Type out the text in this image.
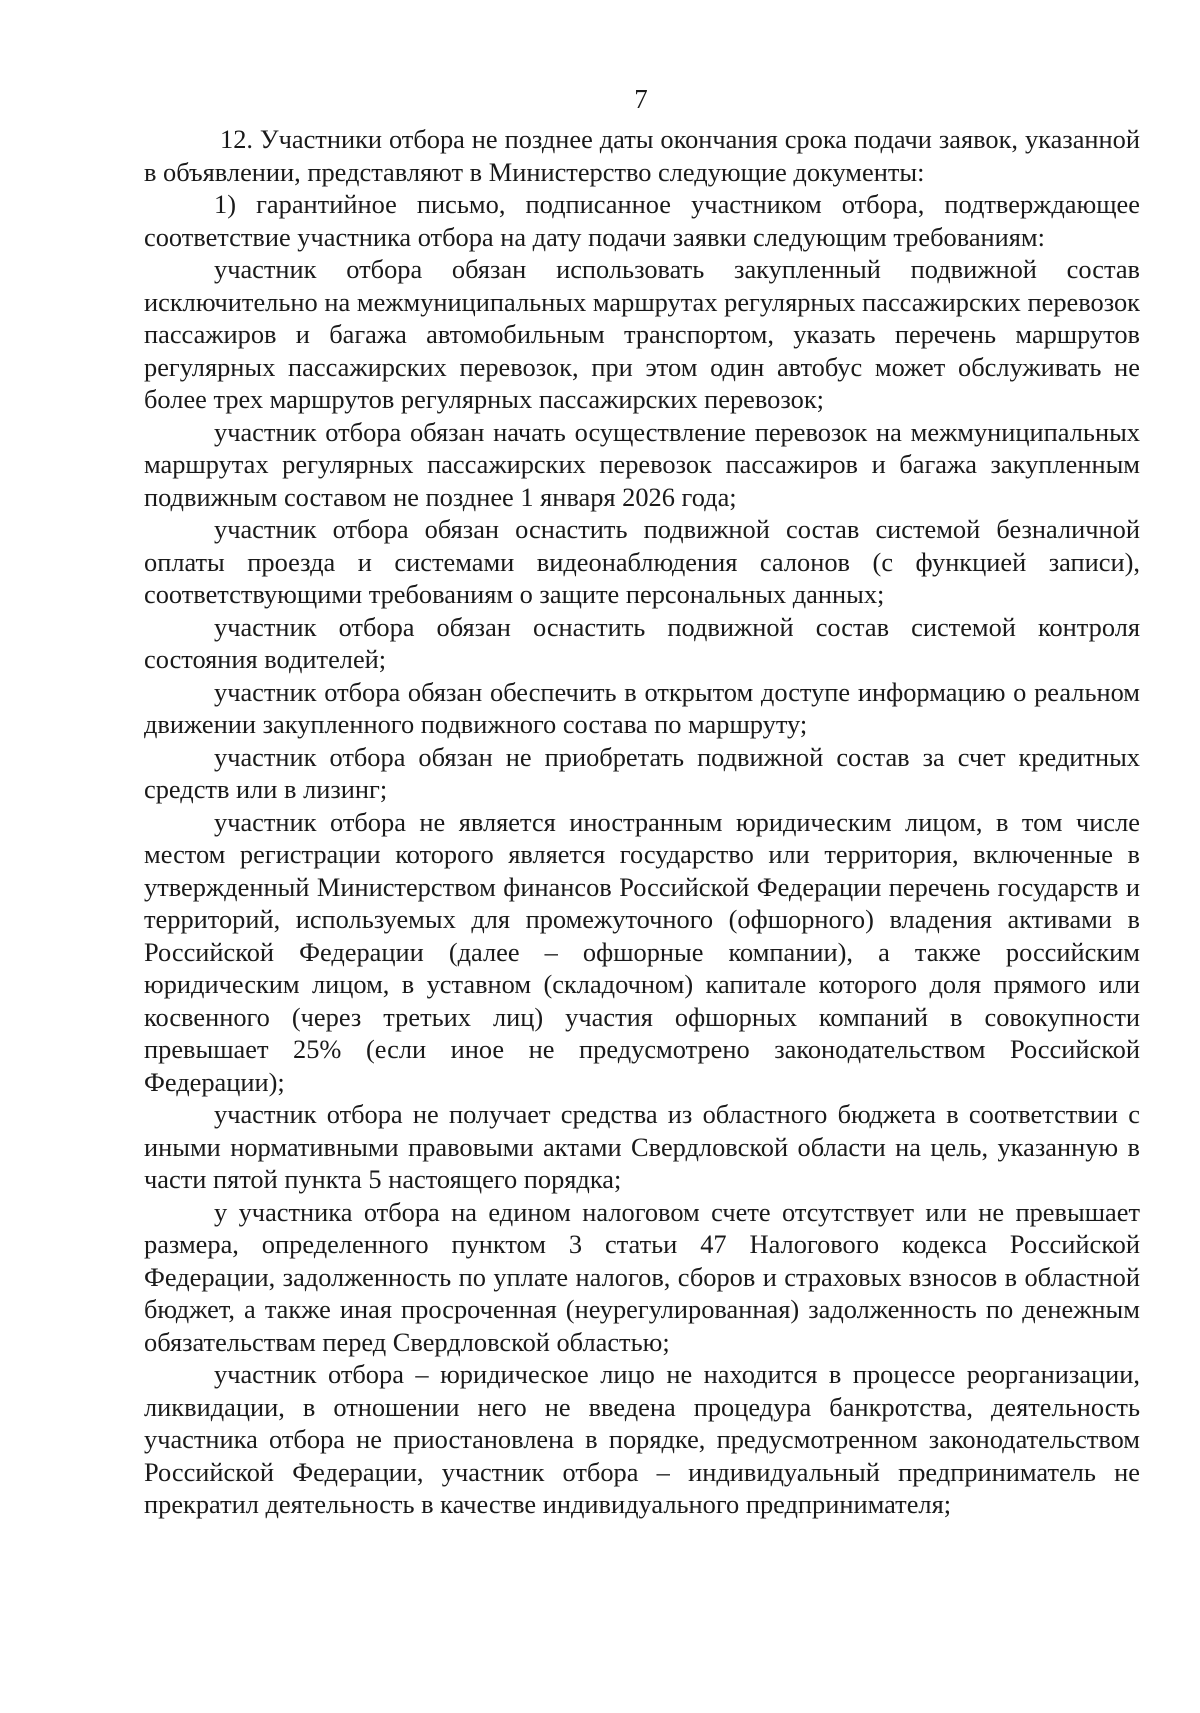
7

12. Участники отбора не позднее даты окончания срока подачи заявок, указанной в объявлении, представляют в Министерство следующие документы:

1) гарантийное письмо, подписанное участником отбора, подтверждающее соответствие участника отбора на дату подачи заявки следующим требованиям:

участник отбора обязан использовать закупленный подвижной состав исключительно на межмуниципальных маршрутах регулярных пассажирских перевозок пассажиров и багажа автомобильным транспортом, указать перечень маршрутов регулярных пассажирских перевозок, при этом один автобус может обслуживать не более трех маршрутов регулярных пассажирских перевозок;

участник отбора обязан начать осуществление перевозок на межмуниципальных маршрутах регулярных пассажирских перевозок пассажиров и багажа закупленным подвижным составом не позднее 1 января 2026 года;

участник отбора обязан оснастить подвижной состав системой безналичной оплаты проезда и системами видеонаблюдения салонов (с функцией записи), соответствующими требованиям о защите персональных данных;

участник отбора обязан оснастить подвижной состав системой контроля состояния водителей;

участник отбора обязан обеспечить в открытом доступе информацию о реальном движении закупленного подвижного состава по маршруту;

участник отбора обязан не приобретать подвижной состав за счет кредитных средств или в лизинг;

участник отбора не является иностранным юридическим лицом, в том числе местом регистрации которого является государство или территория, включенные в утвержденный Министерством финансов Российской Федерации перечень государств и территорий, используемых для промежуточного (офшорного) владения активами в Российской Федерации (далее – офшорные компании), а также российским юридическим лицом, в уставном (складочном) капитале которого доля прямого или косвенного (через третьих лиц) участия офшорных компаний в совокупности превышает 25% (если иное не предусмотрено законодательством Российской Федерации);

участник отбора не получает средства из областного бюджета в соответствии с иными нормативными правовыми актами Свердловской области на цель, указанную в части пятой пункта 5 настоящего порядка;

у участника отбора на едином налоговом счете отсутствует или не превышает размера, определенного пунктом 3 статьи 47 Налогового кодекса Российской Федерации, задолженность по уплате налогов, сборов и страховых взносов в областной бюджет, а также иная просроченная (неурегулированная) задолженность по денежным обязательствам перед Свердловской областью;

участник отбора – юридическое лицо не находится в процессе реорганизации, ликвидации, в отношении него не введена процедура банкротства, деятельность участника отбора не приостановлена в порядке, предусмотренном законодательством Российской Федерации, участник отбора – индивидуальный предприниматель не прекратил деятельность в качестве индивидуального предпринимателя;
